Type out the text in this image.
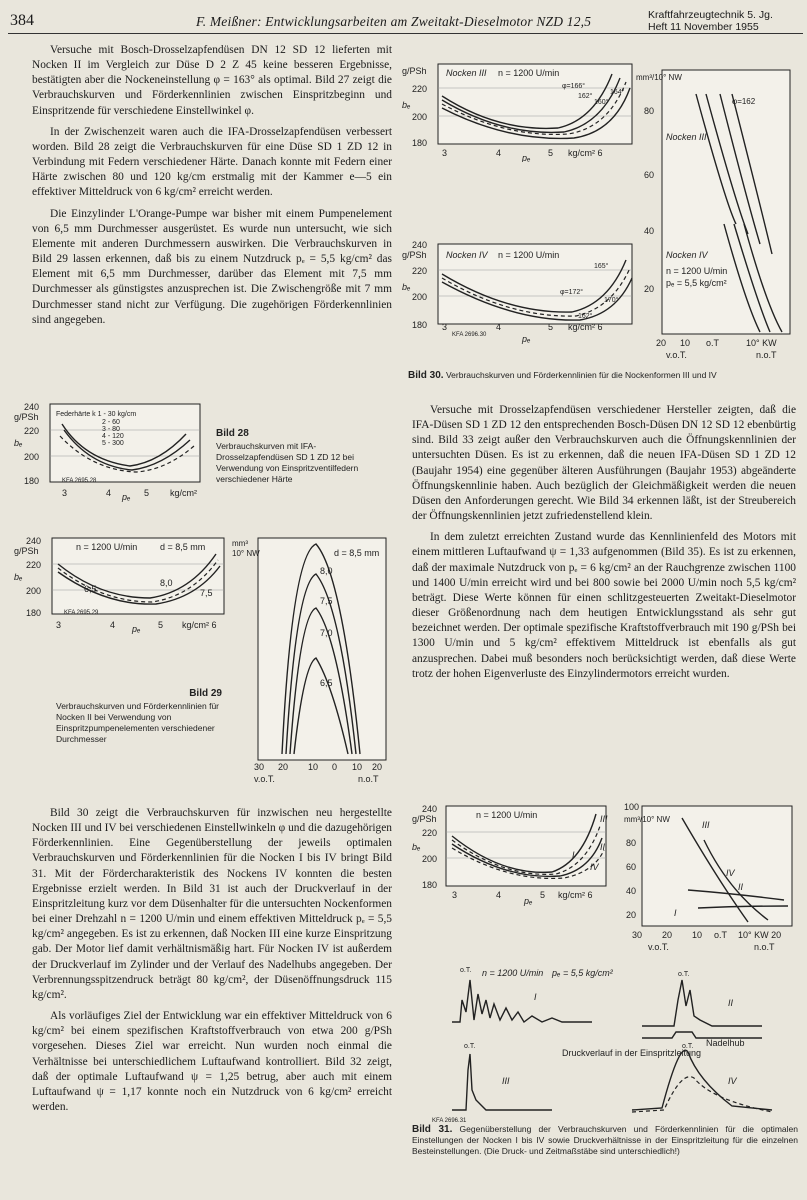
384	F. Meißner: Entwicklungsarbeiten am Zweitakt-Dieselmotor NZD 12,5	Kraftfahrzeugtechnik 5. Jg.
Heft 11 November 1955

Versuche mit Bosch-Drosselzapfendüsen DN 12 SD 12 lieferten mit Nocken II im Vergleich zur Düse D 2 Z 45 keine besseren Ergebnisse, bestätigten aber die Nockeneinstellung φ = 163° als optimal. Bild 27 zeigt die Verbrauchskurven und Förderkennlinien zwischen Einspritzbeginn und Einspritzende für verschiedene Einstellwinkel φ.

In der Zwischenzeit waren auch die IFA-Drosselzapfendüsen verbessert worden. Bild 28 zeigt die Verbrauchskurven für eine Düse SD 1 ZD 12 in Verbindung mit Federn verschiedener Härte. Danach konnte mit Federn einer Härte zwischen 80 und 120 kg/cm erstmalig mit der Kammer e—5 ein effektiver Mitteldruck von 6 kg/cm² erreicht werden.

Die Einzylinder L'Orange-Pumpe war bisher mit einem Pumpenelement von 6,5 mm Durchmesser ausgerüstet. Es wurde nun untersucht, wie sich Elemente mit anderen Durchmessern auswirken. Die Verbrauchskurven in Bild 29 lassen erkennen, daß bis zu einem Nutzdruck pₑ = 5,5 kg/cm² das Element mit 6,5 mm Durchmesser, darüber das Element mit 7,5 mm Durchmesser als günstigstes anzusprechen ist. Die Zwischengröße mit 7 mm Durchmesser stand nicht zur Verfügung. Die zugehörigen Förderkennlinien sind angegeben.

240
g/PSh
220
bₑ
200
180
Federhärte k 1 - 30 kg/cm
2 - 60
3 - 80
4 - 120
5 - 300
KFA 2695.28
3	4	5
pₑ	kg/cm²
Bild 28
Verbrauchskurven mit IFA-Drosselzapfendüsen SD 1 ZD 12 bei Verwendung von Einspritzventilfedern verschiedener Härte
240
g/PSh
220
bₑ
200
180
n = 1200 U/min	d = 8,5 mm
6,5
8,0
7,5
KFA 2695.29
3	4	5
pₑ	kg/cm² 6
mm³
10° NW	d = 8,5 mm
8,0
7,5
7,0
6,5
30 20 10 0 10 20
v.o.T.	n.o.T
Bild 29
Verbrauchskurven und Förderkennlinien für Nocken II bei Verwendung von Einspritzpumpenelementen verschiedener Durchmesser

Bild 30 zeigt die Verbrauchskurven für inzwischen neu hergestellte Nocken III und IV bei verschiedenen Einstellwinkeln φ und die dazugehörigen Förderkennlinien. Eine Gegenüberstellung der jeweils optimalen Verbrauchskurven und Förderkennlinien für die Nocken I bis IV bringt Bild 31. Mit der Fördercharakteristik des Nockens IV konnten die besten Ergebnisse erzielt werden. In Bild 31 ist auch der Druckverlauf in der Einspritzleitung kurz vor dem Düsenhalter für die untersuchten Nockenformen bei einer Drehzahl n = 1200 U/min und einem effektiven Mitteldruck pₑ = 5,5 kg/cm² angegeben. Es ist zu erkennen, daß Nocken III eine kurze Einspritzung gab. Der Motor lief damit verhältnismäßig hart. Für Nocken IV ist außerdem der Druckverlauf im Zylinder und der Verlauf des Nadelhubs angegeben. Der Verbrennungsspitzendruck beträgt 80 kg/cm², der Düsenöffnungsdruck 115 kg/cm².

Als vorläufiges Ziel der Entwicklung war ein effektiver Mitteldruck von 6 kg/cm² bei einem spezifischen Kraftstoffverbrauch von etwa 200 g/PSh vorgesehen. Dieses Ziel war erreicht. Nun wurden noch einmal die Verhältnisse bei unterschiedlichem Luftaufwand kontrolliert. Bild 32 zeigt, daß der optimale Luftaufwand ψ = 1,25 betrug, aber auch mit einem Luftaufwand ψ = 1,17 konnte noch ein Nutzdruck von 6 kg/cm² erreicht werden.

g/PSh
220
bₑ
200
180
Nocken III n = 1200 U/min
φ=166°
162°
160°
164°
3	4	5
pₑ	kg/cm² 6
240
g/PSh
220
bₑ
200
180
Nocken IV n = 1200 U/min
φ=172°
165°
170°
162°
KFA 2696.30
3	4	5
pₑ
kg/cm² 6
mm³/10° NW
80
60
40
20
Nocken III
Nocken IV
n = 1200 U/min
pₑ = 5,5 kg/cm²
φ=162
20 10 o.T	10° KW
v.o.T.	n.o.T
Bild 30. Verbrauchskurven und Förderkennlinien für die Nockenformen III und IV

Versuche mit Drosselzapfendüsen verschiedener Hersteller zeigten, daß die IFA-Düsen SD 1 ZD 12 den entsprechenden Bosch-Düsen DN 12 SD 12 ebenbürtig sind. Bild 33 zeigt außer den Verbrauchskurven auch die Öffnungskennlinien der untersuchten Düsen. Es ist zu erkennen, daß die neuen IFA-Düsen SD 1 ZD 12 (Baujahr 1954) eine gegenüber älteren Ausführungen (Baujahr 1953) abgeänderte Öffnungskennlinie haben. Auch bezüglich der Gleichmäßigkeit werden die neuen Düsen den Anforderungen gerecht. Wie Bild 34 erkennen läßt, ist der Streubereich der Öffnungskennlinien jetzt zufriedenstellend klein.

In dem zuletzt erreichten Zustand wurde das Kennlinienfeld des Motors mit einem mittleren Luftaufwand ψ = 1,33 aufgenommen (Bild 35). Es ist zu erkennen, daß der maximale Nutzdruck von pₑ = 6 kg/cm² an der Rauchgrenze zwischen 1100 und 1400 U/min erreicht wird und bei 800 sowie bei 2000 U/min noch 5,5 kg/cm² beträgt. Diese Werte können für einen schlitzgesteuerten Zweitakt-Dieselmotor dieser Größenordnung nach dem heutigen Entwicklungsstand als sehr gut bezeichnet werden. Der optimale spezifische Kraftstoffverbrauch mit 190 g/PSh bei 1300 U/min und 5 kg/cm² effektivem Mitteldruck ist ebenfalls als gut anzusprechen. Dabei muß besonders noch berücksichtigt werden, daß diese Werte trotz der hohen Eigenverluste des Einzylindermotors erreicht wurden.

240
g/PSh
220
bₑ
200
180
n = 1200 U/min	III
II
IV
I
3	4	5
pₑ
kg/cm² 6
100
mm³/10° NW
80
60
40
20
III
IV
II
I
30 20 10 o.T 10° KW 20
v.o.T.	n.o.T
n = 1200 U/min pₑ = 5,5 kg/cm²
o.T.
I
o.T.
II
Nadelhub
Druckverlauf in der Einspritzleitung
o.T.
III	IV
o.T.
KFA 2696.31
Bild 31. Gegenüberstellung der Verbrauchskurven und Förderkennlinien für die optimalen Einstellungen der Nocken I bis IV sowie Druckverhältnisse in der Einspritzleitung für die einzelnen Besteinstellungen. (Die Druck- und Zeitmaßstäbe sind unterschiedlich!)
